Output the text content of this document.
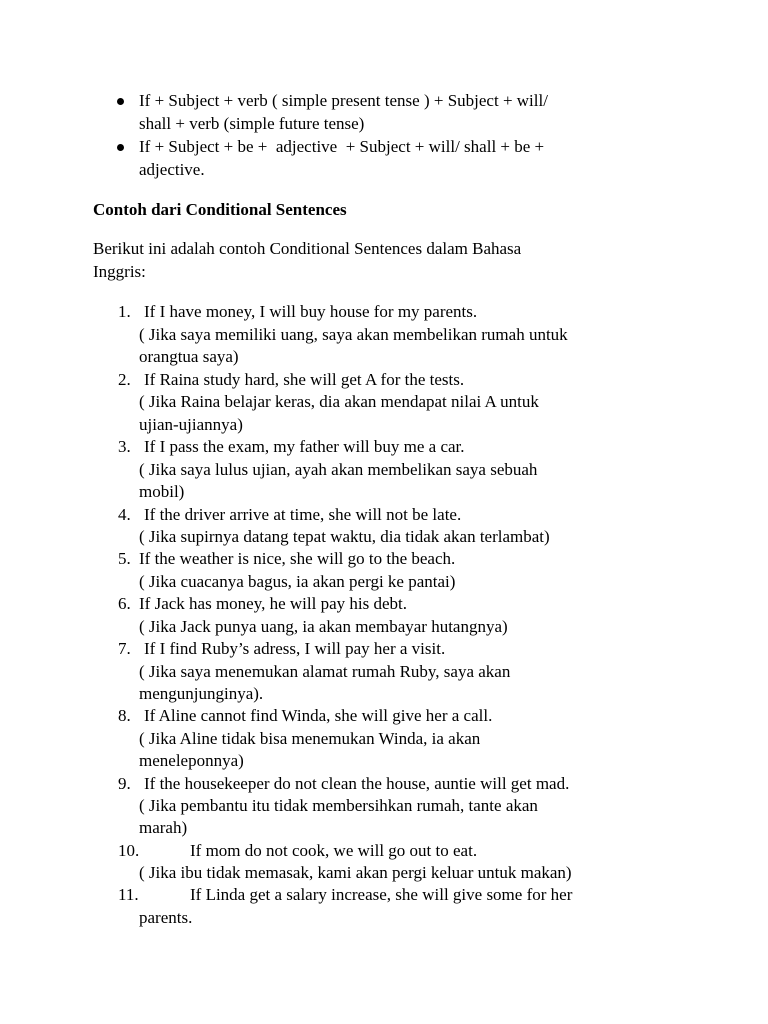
If + Subject + verb ( simple present tense ) + Subject + will/
shall + verb (simple future tense)
If + Subject + be +  adjective  + Subject + will/ shall + be +
adjective.
Contoh dari Conditional Sentences
Berikut ini adalah contoh Conditional Sentences dalam Bahasa
Inggris:
1. If I have money, I will buy house for my parents.
( Jika saya memiliki uang, saya akan membelikan rumah untuk
orangtua saya)
2. If Raina study hard, she will get A for the tests.
( Jika Raina belajar keras, dia akan mendapat nilai A untuk
ujian-ujiannya)
3. If I pass the exam, my father will buy me a car.
( Jika saya lulus ujian, ayah akan membelikan saya sebuah
mobil)
4. If the driver arrive at time, she will not be late.
( Jika supirnya datang tepat waktu, dia tidak akan terlambat)
5. If the weather is nice, she will go to the beach.
( Jika cuacanya bagus, ia akan pergi ke pantai)
6. If Jack has money, he will pay his debt.
( Jika Jack punya uang, ia akan membayar hutangnya)
7. If I find Ruby’s adress, I will pay her a visit.
( Jika saya menemukan alamat rumah Ruby, saya akan
mengunjunginya).
8. If Aline cannot find Winda, she will give her a call.
( Jika Aline tidak bisa menemukan Winda, ia akan
meneleponnya)
9. If the housekeeper do not clean the house, auntie will get mad.
( Jika pembantu itu tidak membersihkan rumah, tante akan
marah)
10.	If mom do not cook, we will go out to eat.
( Jika ibu tidak memasak, kami akan pergi keluar untuk makan)
11.	If Linda get a salary increase, she will give some for her
parents.
